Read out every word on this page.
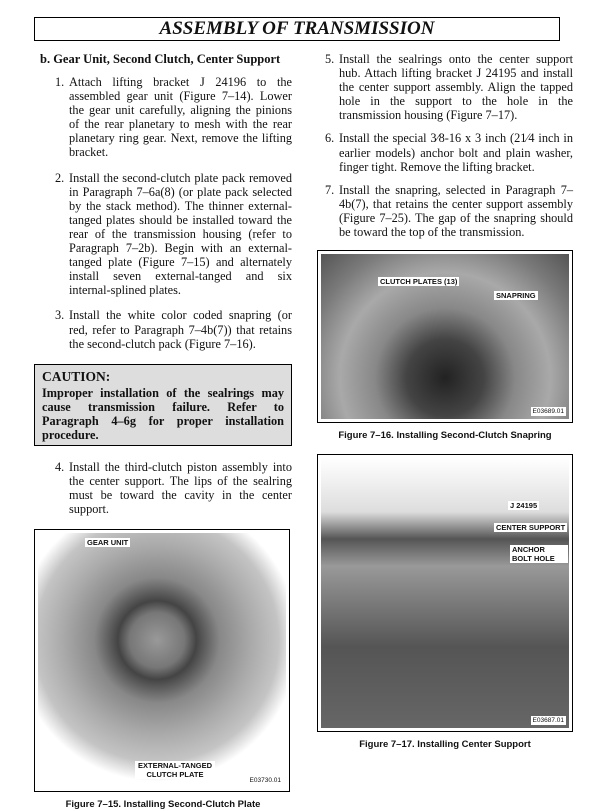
ASSEMBLY OF TRANSMISSION
b. Gear Unit, Second Clutch, Center Support
1. Attach lifting bracket J 24196 to the assembled gear unit (Figure 7–14). Lower the gear unit carefully, aligning the pinions of the rear planetary to mesh with the rear planetary ring gear. Next, remove the lifting bracket.
2. Install the second-clutch plate pack removed in Paragraph 7–6a(8) (or plate pack selected by the stack method). The thinner external-tanged plates should be installed toward the rear of the transmission housing (refer to Paragraph 7–2b). Begin with an external-tanged plate (Figure 7–15) and alternately install seven external-tanged and six internal-splined plates.
3. Install the white color coded snapring (or red, refer to Paragraph 7–4b(7)) that retains the second-clutch pack (Figure 7–16).
CAUTION:
Improper installation of the sealrings may cause transmission failure. Refer to Paragraph 4–6g for proper installation procedure.
4. Install the third-clutch piston assembly into the center support. The lips of the sealring must be toward the cavity in the center support.
GEAR UNIT
EXTERNAL-TANGED CLUTCH PLATE
E03730.01
Figure 7–15. Installing Second-Clutch Plate
5. Install the sealrings onto the center support hub. Attach lifting bracket J 24195 and install the center support assembly. Align the tapped hole in the support to the hole in the transmission housing (Figure 7–17).
6. Install the special 3⁄8-16 x 3 inch (21⁄4 inch in earlier models) anchor bolt and plain washer, finger tight. Remove the lifting bracket.
7. Install the snapring, selected in Paragraph 7–4b(7), that retains the center support assembly (Figure 7–25). The gap of the snapring should be toward the top of the transmission.
CLUTCH PLATES (13)
SNAPRING
E03689.01
Figure 7–16. Installing Second-Clutch Snapring
J 24195
CENTER SUPPORT
ANCHOR BOLT HOLE
E03687.01
Figure 7–17. Installing Center Support
